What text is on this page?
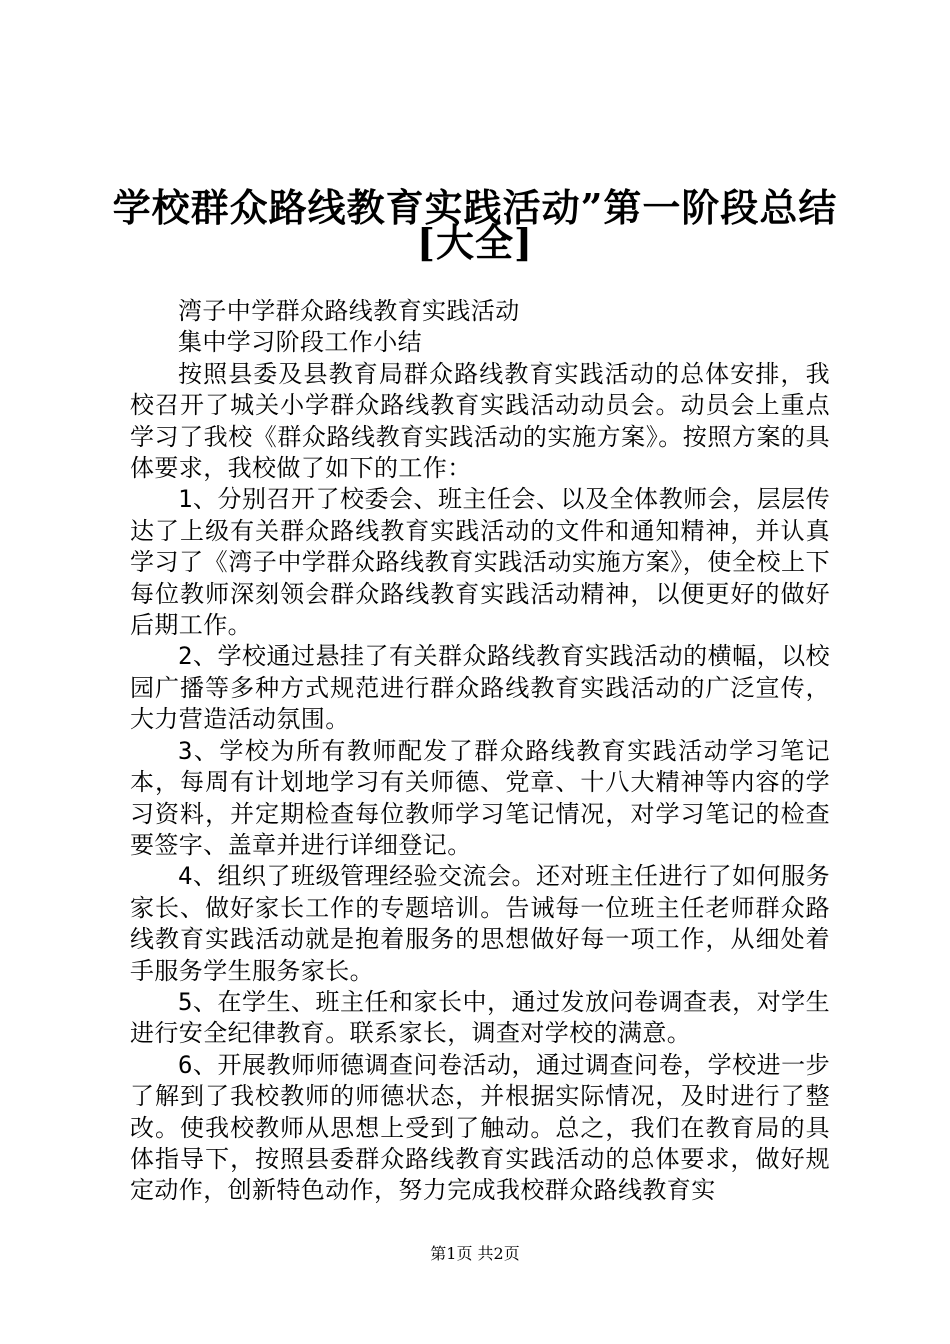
学校群众路线教育实践活动”第一阶段总结
[大全]

湾子中学群众路线教育实践活动

集中学习阶段工作小结

按照县委及县教育局群众路线教育实践活动的总体安排，我校召开了城关小学群众路线教育实践活动动员会。动员会上重点学习了我校《群众路线教育实践活动的实施方案》。按照方案的具体要求，我校做了如下的工作：

1、分别召开了校委会、班主任会、以及全体教师会，层层传达了上级有关群众路线教育实践活动的文件和通知精神，并认真学习了《湾子中学群众路线教育实践活动实施方案》，使全校上下每位教师深刻领会群众路线教育实践活动精神，以便更好的做好后期工作。

2、学校通过悬挂了有关群众路线教育实践活动的横幅，以校园广播等多种方式规范进行群众路线教育实践活动的广泛宣传，大力营造活动氛围。

3、学校为所有教师配发了群众路线教育实践活动学习笔记本，每周有计划地学习有关师德、党章、十八大精神等内容的学习资料，并定期检查每位教师学习笔记情况，对学习笔记的检查要签字、盖章并进行详细登记。

4、组织了班级管理经验交流会。还对班主任进行了如何服务家长、做好家长工作的专题培训。告诫每一位班主任老师群众路线教育实践活动就是抱着服务的思想做好每一项工作，从细处着手服务学生服务家长。

5、在学生、班主任和家长中，通过发放问卷调查表，对学生进行安全纪律教育。联系家长，调查对学校的满意。

6、开展教师师德调查问卷活动，通过调查问卷，学校进一步了解到了我校教师的师德状态，并根据实际情况，及时进行了整改。使我校教师从思想上受到了触动。总之，我们在教育局的具体指导下，按照县委群众路线教育实践活动的总体要求，做好规定动作，创新特色动作，努力完成我校群众路线教育实

第1页 共2页
